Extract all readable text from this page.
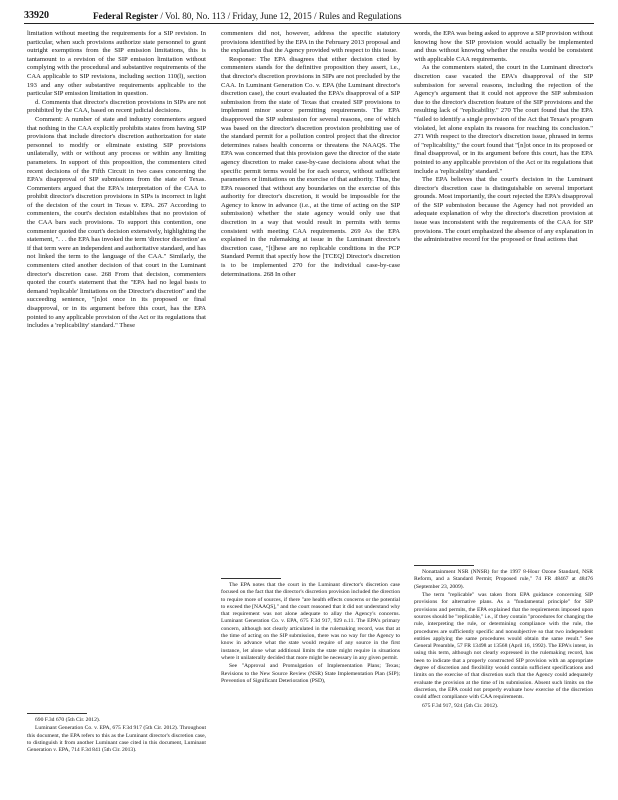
33920	Federal Register / Vol. 80, No. 113 / Friday, June 12, 2015 / Rules and Regulations

limitation without meeting the requirements for a SIP revision. In particular, when such provisions authorize state personnel to grant outright exemptions from the SIP emission limitations, this is tantamount to a revision of the SIP emission limitation without complying with the procedural and substantive requirements of the CAA applicable to SIP revisions, including section 110(l), section 193 and any other substantive requirements applicable to the particular SIP emission limitation in question.

d. Comments that director's discretion provisions in SIPs are not prohibited by the CAA, based on recent judicial decisions.

Comment: A number of state and industry commenters argued that nothing in the CAA explicitly prohibits states from having SIP provisions that include director's discretion authorization for state personnel to modify or eliminate existing SIP provisions unilaterally, with or without any process or within any limiting parameters. In support of this proposition, the commenters cited recent decisions of the Fifth Circuit in two cases concerning the EPA's disapproval of SIP submissions from the state of Texas. Commenters argued that the EPA's interpretation of the CAA to prohibit director's discretion provisions in SIPs is incorrect in light of the decision of the court in Texas v. EPA. 267 According to commenters, the court's decision establishes that no provision of the CAA bars such provisions. To support this contention, one commenter quoted the court's decision extensively, highlighting the statement, ". . . the EPA has invoked the term 'director discretion' as if that term were an independent and authoritative standard, and has not linked the term to the language of the CAA." Similarly, the commenters cited another decision of that court in the Luminant director's discretion case. 268 From that decision, commenters quoted the court's statement that the "EPA had no legal basis to demand 'replicable' limitations on the Director's discretion" and the succeeding sentence, "[n]ot once in its proposed or final disapproval, or in its argument before this court, has the EPA pointed to any applicable provision of the Act or its regulations that includes a 'replicability' standard." These

commenters did not, however, address the specific statutory provisions identified by the EPA in the February 2013 proposal and the explanation that the Agency provided with respect to this issue.

Response: The EPA disagrees that either decision cited by commenters stands for the definitive proposition they assert, i.e., that director's discretion provisions in SIPs are not precluded by the CAA. In Luminant Generation Co. v. EPA (the Luminant director's discretion case), the court evaluated the EPA's disapproval of a SIP submission from the state of Texas that created SIP provisions to implement minor source permitting requirements. The EPA disapproved the SIP submission for several reasons, one of which was based on the director's discretion provision prohibiting use of the standard permit for a pollution control project that the director determines raises health concerns or threatens the NAAQS. The EPA was concerned that this provision gave the director of the state agency discretion to make case-by-case decisions about what the specific permit terms would be for each source, without sufficient parameters or limitations on the exercise of that authority. Thus, the EPA reasoned that without any boundaries on the exercise of this authority for director's discretion, it would be impossible for the Agency to know in advance (i.e., at the time of acting on the SIP submission) whether the state agency would only use that discretion in a way that would result in permits with terms consistent with meeting CAA requirements. 269 As the EPA explained in the rulemaking at issue in the Luminant director's discretion case, "[t]hese are no replicable conditions in the PCP Standard Permit that specify how the [TCEQ] Director's discretion is to be implemented 270 for the individual case-by-case determinations. 268 In other

words, the EPA was being asked to approve a SIP provision without knowing how the SIP provision would actually be implemented and thus without knowing whether the results would be consistent with applicable CAA requirements.

As the commenters stated, the court in the Luminant director's discretion case vacated the EPA's disapproval of the SIP submission for several reasons, including the rejection of the Agency's argument that it could not approve the SIP submission due to the director's discretion feature of the SIP provisions and the resulting lack of "replicability." 270 The court found that the EPA "failed to identify a single provision of the Act that Texas's program violated, let alone explain its reasons for reaching its conclusion." 271 With respect to the director's discretion issue, phrased in terms of "replicability," the court found that "[n]ot once in its proposed or final disapproval, or in its argument before this court, has the EPA pointed to any applicable provision of the Act or its regulations that include a 'replicability' standard."

The EPA believes that the court's decision in the Luminant director's discretion case is distinguishable on several important grounds. Most importantly, the court rejected the EPA's disapproval of the SIP submission because the Agency had not provided an adequate explanation of why the director's discretion provision at issue was inconsistent with the requirements of the CAA for SIP provisions. The court emphasized the absence of any explanation in the administrative record for the proposed or final actions that

690 F.3d 670 (5th Cir. 2012).

Luminant Generation Co. v. EPA, 675 F.3d 917 (5th Cir. 2012). Throughout this document, the EPA refers to this as the Luminant director's discretion case, to distinguish it from another Luminant case cited in this document, Luminant Generation v. EPA, 714 F.3d 841 (5th Cir. 2013).

The EPA notes that the court in the Luminant director's discretion case focused on the fact that the director's discretion provision included the direction to require more of sources, if there "are health effects concerns or the potential to exceed the [NAAQS]," and the court reasoned that it did not understand why that requirement was not alone adequate to allay the Agency's concerns. Luminant Generation Co. v. EPA, 675 F.3d 917, 929 n.11. The EPA's primary concern, although not clearly articulated in the rulemaking record, was that at the time of acting on the SIP submission, there was no way for the Agency to know in advance what the state would require of any source in the first instance, let alone what additional limits the state might require in situations where it unilaterally decided that more might be necessary in any given permit.

See "Approval and Promulgation of Implementation Plans; Texas; Revisions to the New Source Review (NSR) State Implementation Plan (SIP); Prevention of Significant Deterioration (PSD),

Nonattainment NSR (NNSR) for the 1997 8-Hour Ozone Standard, NSR Reform, and a Standard Permit; Proposed rule," 74 FR 48467 at 48476 (September 23, 2009).

The term "replicable" was taken from EPA guidance concerning SIP provisions for alternative plans. As a "fundamental principle" for SIP provisions and permits, the EPA explained that the requirements imposed upon sources should be "replicable," i.e., if they contain "procedures for changing the rule, interpreting the rule, or determining compliance with the rule, the procedures are sufficiently specific and nonsubjective so that two independent entities applying the same procedures would obtain the same result." See General Preamble, 57 FR 13498 at 13568 (April 16, 1992). The EPA's intent, in using this term, although not clearly expressed in the rulemaking record, has been to indicate that a properly constructed SIP provision with an appropriate degree of discretion and flexibility would contain sufficient specifications and limits on the exercise of that discretion such that the Agency could adequately evaluate the provision at the time of its submission. Absent such limits on the discretion, the EPA could not properly evaluate how exercise of the discretion could affect compliance with CAA requirements.

675 F.3d 917, 924 (5th Cir. 2012).
